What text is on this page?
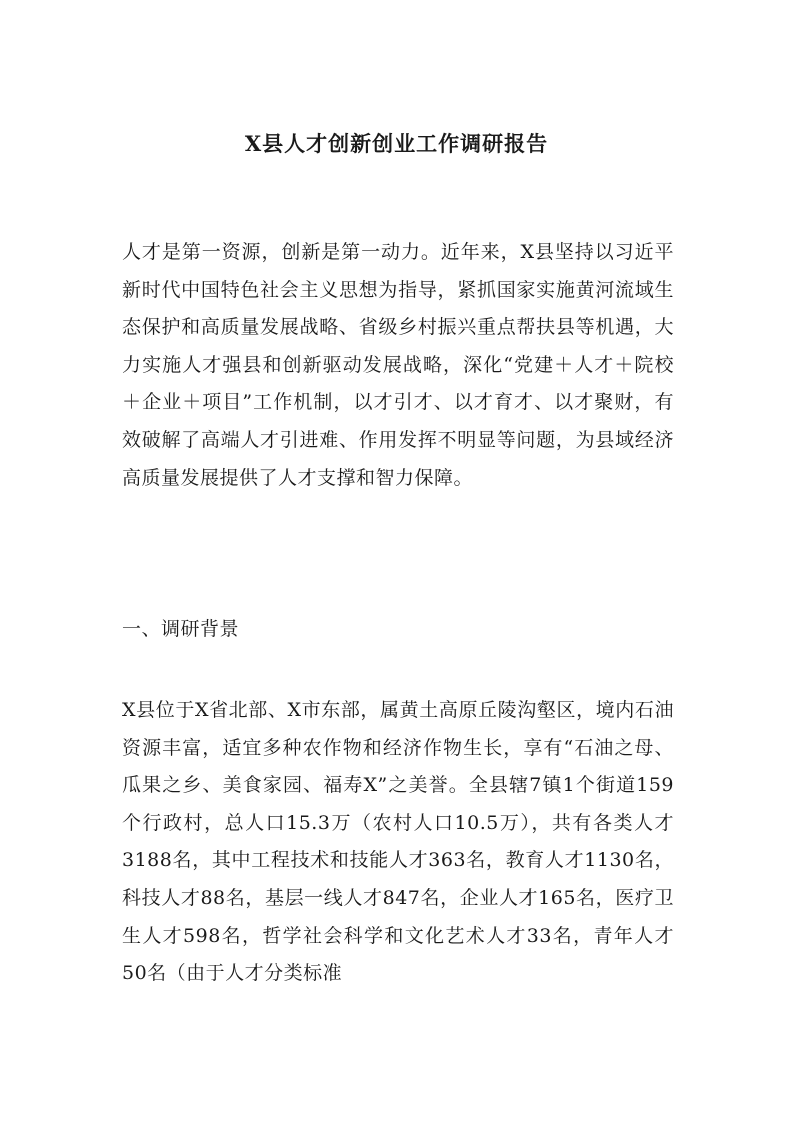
X县人才创新创业工作调研报告
人才是第一资源，创新是第一动力。近年来，X县坚持以习近平新时代中国特色社会主义思想为指导，紧抓国家实施黄河流域生态保护和高质量发展战略、省级乡村振兴重点帮扶县等机遇，大力实施人才强县和创新驱动发展战略，深化“党建＋人才＋院校＋企业＋项目”工作机制，以才引才、以才育才、以才聚财，有效破解了高端人才引进难、作用发挥不明显等问题，为县域经济高质量发展提供了人才支撑和智力保障。
一、调研背景
X县位于X省北部、X市东部，属黄土高原丘陵沟壑区，境内石油资源丰富，适宜多种农作物和经济作物生长，享有“石油之母、瓜果之乡、美食家园、福寿X”之美誉。全县辖7镇1个街道159个行政村，总人口15.3万（农村人口10.5万），共有各类人才3188名，其中工程技术和技能人才363名，教育人才1130名，科技人才88名，基层一线人才847名，企业人才165名，医疗卫生人才598名，哲学社会科学和文化艺术人才33名，青年人才50名（由于人才分类标准
